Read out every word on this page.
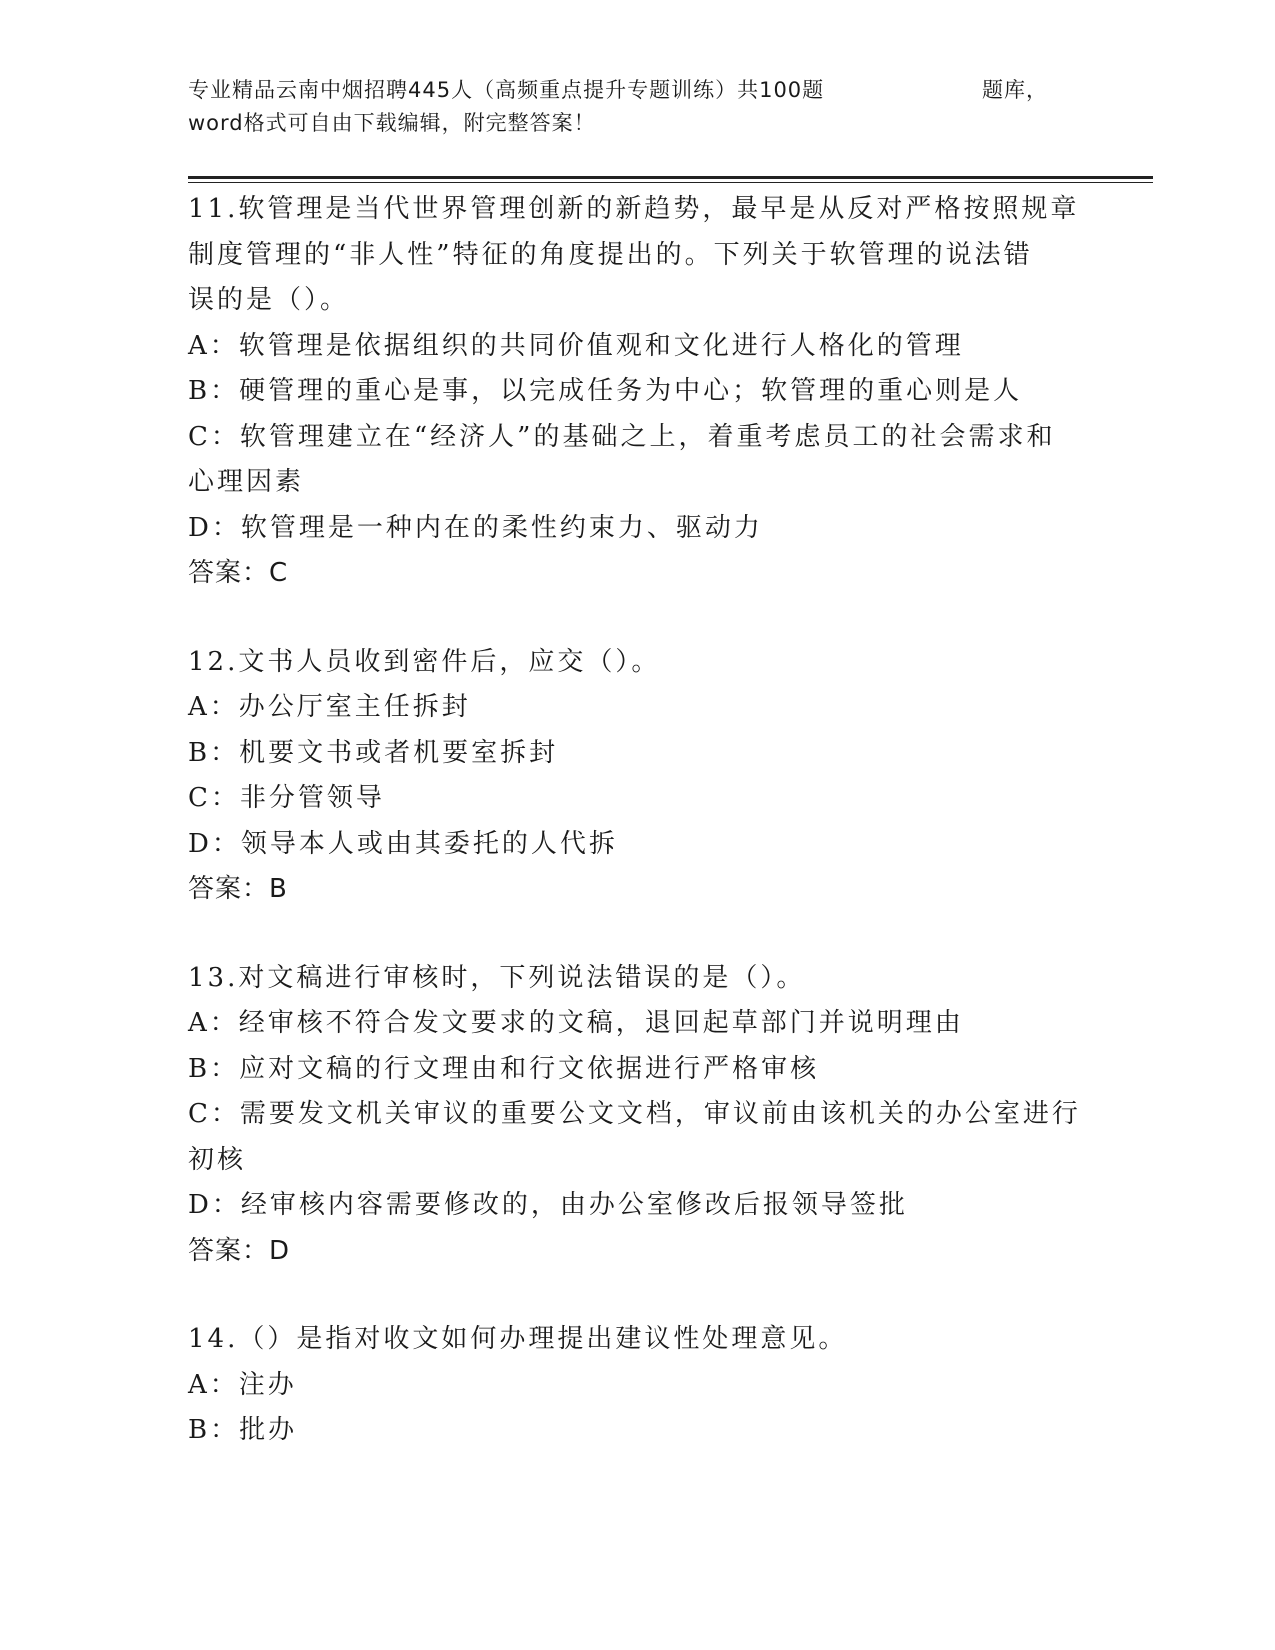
专业精品云南中烟招聘445人（高频重点提升专题训练）共100题	题库，
word格式可自由下载编辑，附完整答案！
11.软管理是当代世界管理创新的新趋势，最早是从反对严格按照规章
制度管理的“非人性”特征的角度提出的。下列关于软管理的说法错
误的是（）。
A：软管理是依据组织的共同价值观和文化进行人格化的管理
B：硬管理的重心是事，以完成任务为中心；软管理的重心则是人
C：软管理建立在“经济人”的基础之上，着重考虑员工的社会需求和
心理因素
D：软管理是一种内在的柔性约束力、驱动力
答案：C
12.文书人员收到密件后，应交（）。
A：办公厅室主任拆封
B：机要文书或者机要室拆封
C：非分管领导
D：领导本人或由其委托的人代拆
答案：B
13.对文稿进行审核时，下列说法错误的是（）。
A：经审核不符合发文要求的文稿，退回起草部门并说明理由
B：应对文稿的行文理由和行文依据进行严格审核
C：需要发文机关审议的重要公文文档，审议前由该机关的办公室进行
初核
D：经审核内容需要修改的，由办公室修改后报领导签批
答案：D
14.（）是指对收文如何办理提出建议性处理意见。
A：注办
B：批办
